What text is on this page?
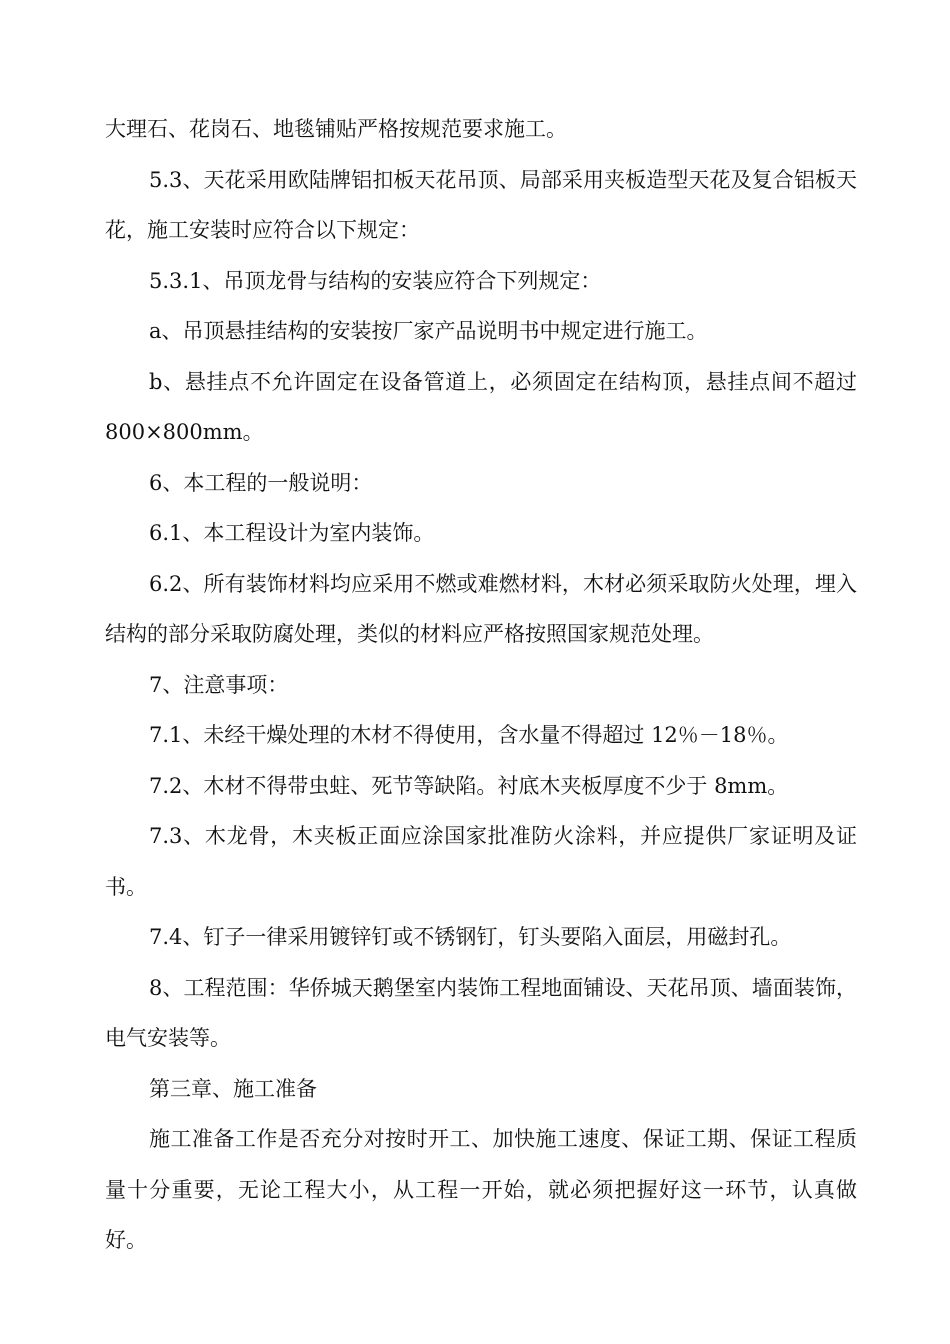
大理石、花岗石、地毯铺贴严格按规范要求施工。

5.3、天花采用欧陆牌铝扣板天花吊顶、局部采用夹板造型天花及复合铝板天花，施工安装时应符合以下规定：

5.3.1、吊顶龙骨与结构的安装应符合下列规定：

a、吊顶悬挂结构的安装按厂家产品说明书中规定进行施工。

b、悬挂点不允许固定在设备管道上，必须固定在结构顶，悬挂点间不超过 800×800mm。

6、本工程的一般说明：

6.1、本工程设计为室内装饰。

6.2、所有装饰材料均应采用不燃或难燃材料，木材必须采取防火处理，埋入结构的部分采取防腐处理，类似的材料应严格按照国家规范处理。

7、注意事项：

7.1、未经干燥处理的木材不得使用，含水量不得超过 12％－18％。

7.2、木材不得带虫蛀、死节等缺陷。衬底木夹板厚度不少于 8mm。

7.3、木龙骨，木夹板正面应涂国家批准防火涂料，并应提供厂家证明及证书。

7.4、钉子一律采用镀锌钉或不锈钢钉，钉头要陷入面层，用磁封孔。

8、工程范围：华侨城天鹅堡室内装饰工程地面铺设、天花吊顶、墙面装饰，电气安装等。

第三章、施工准备

施工准备工作是否充分对按时开工、加快施工速度、保证工期、保证工程质量十分重要，无论工程大小，从工程一开始，就必须把握好这一环节，认真做好。
